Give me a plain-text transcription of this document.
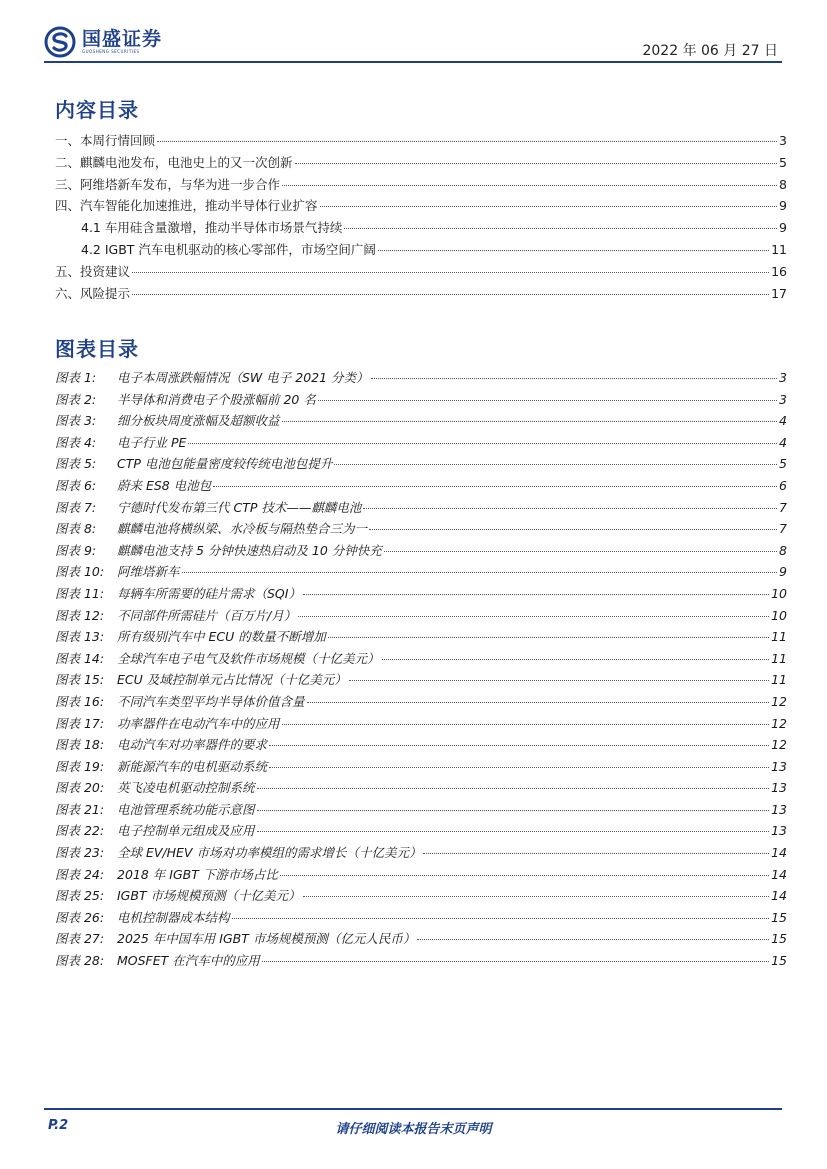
国盛证券
GUOSHENG SECURITIES	2022 年 06 月 27 日
内容目录
一、本周行情回顾	3
二、麒麟电池发布，电池史上的又一次创新	5
三、阿维塔新车发布，与华为进一步合作	8
四、汽车智能化加速推进，推动半导体行业扩容	9
4.1 车用硅含量激增，推动半导体市场景气持续	9
4.2 IGBT 汽车电机驱动的核心零部件，市场空间广阔	11
五、投资建议	16
六、风险提示	17
图表目录
图表 1:	电子本周涨跌幅情况（SW 电子 2021 分类）	3
图表 2:	半导体和消费电子个股涨幅前 20 名	3
图表 3:	细分板块周度涨幅及超额收益	4
图表 4:	电子行业 PE	4
图表 5:	CTP 电池包能量密度较传统电池包提升	5
图表 6:	蔚来 ES8 电池包	6
图表 7:	宁德时代发布第三代 CTP 技术——麒麟电池	7
图表 8:	麒麟电池将横纵梁、水冷板与隔热垫合三为一	7
图表 9:	麒麟电池支持 5 分钟快速热启动及 10 分钟快充	8
图表 10:	阿维塔新车	9
图表 11:	每辆车所需要的硅片需求（SQI）	10
图表 12:	不同部件所需硅片（百万片/月）	10
图表 13:	所有级别汽车中 ECU 的数量不断增加	11
图表 14:	全球汽车电子电气及软件市场规模（十亿美元）	11
图表 15:	ECU 及域控制单元占比情况（十亿美元）	11
图表 16:	不同汽车类型平均半导体价值含量	12
图表 17:	功率器件在电动汽车中的应用	12
图表 18:	电动汽车对功率器件的要求	12
图表 19:	新能源汽车的电机驱动系统	13
图表 20:	英飞凌电机驱动控制系统	13
图表 21:	电池管理系统功能示意图	13
图表 22:	电子控制单元组成及应用	13
图表 23:	全球 EV/HEV 市场对功率模组的需求增长（十亿美元）	14
图表 24:	2018 年 IGBT 下游市场占比	14
图表 25:	IGBT 市场规模预测（十亿美元）	14
图表 26:	电机控制器成本结构	15
图表 27:	2025 年中国车用 IGBT 市场规模预测（亿元人民币）	15
图表 28:	MOSFET 在汽车中的应用	15
P.2	请仔细阅读本报告末页声明
